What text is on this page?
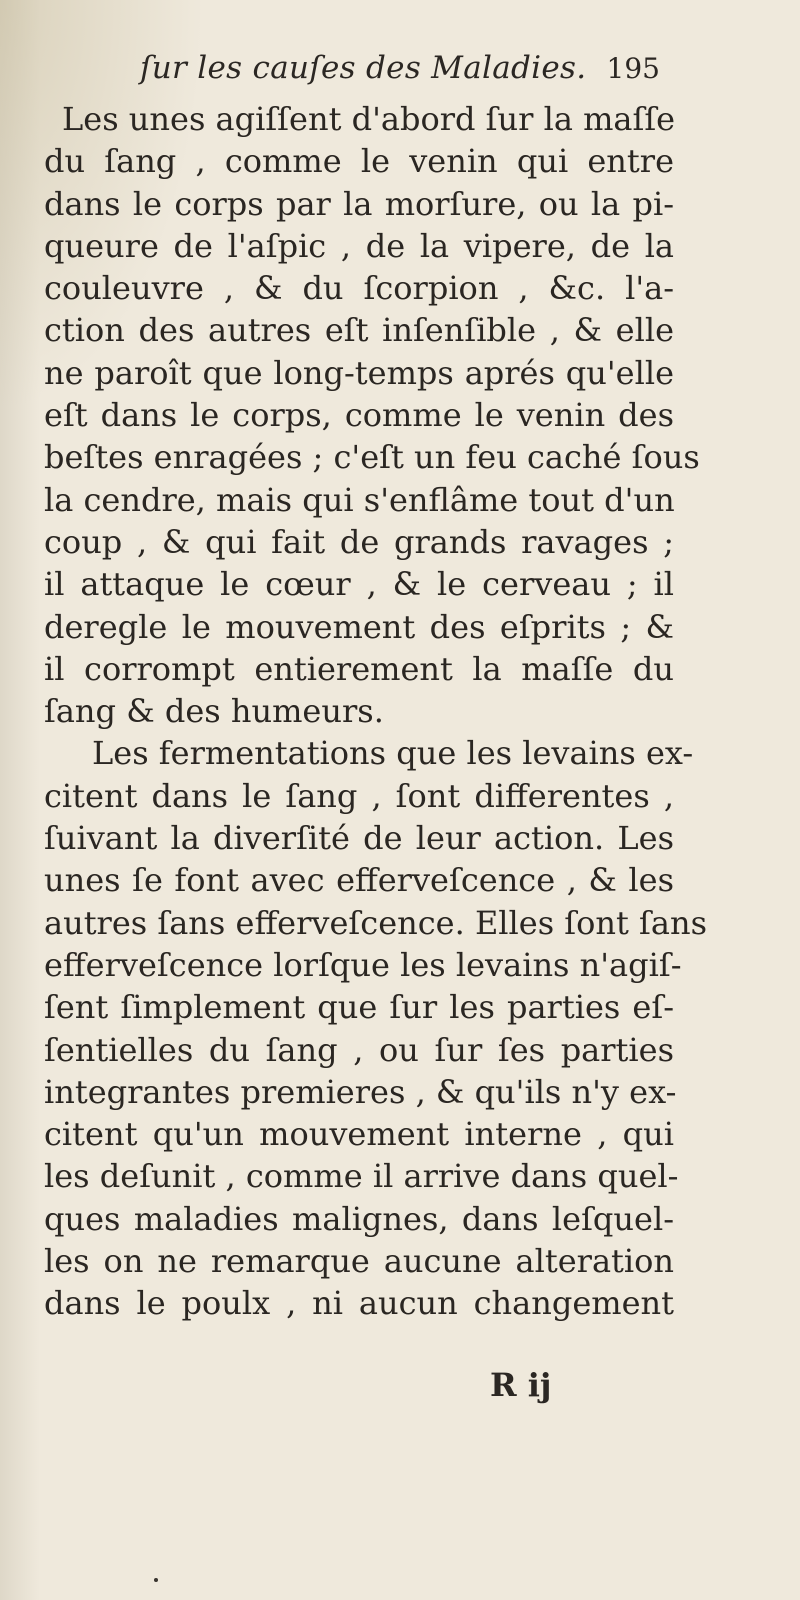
ſur les cauſes des Maladies. 195
Les unes agiſſent d'abord ſur la maſſe
du ſang , comme le venin qui entre
dans le corps par la morſure, ou la pi-
queure de l'aſpic , de la vipere, de la
couleuvre , & du ſcorpion , &c. l'a-
ction des autres eſt inſenſible , & elle
ne paroît que long-temps aprés qu'elle
eſt dans le corps, comme le venin des
beſtes enragées ; c'eſt un feu caché ſous
la cendre, mais qui s'enflâme tout d'un
coup , & qui fait de grands ravages ;
il attaque le cœur , & le cerveau ; il
deregle le mouvement des eſprits ; &
il corrompt entierement la maſſe du
ſang & des humeurs.
Les fermentations que les levains ex-
citent dans le ſang , ſont differentes ,
ſuivant la diverſité de leur action. Les
unes ſe font avec efferveſcence , & les
autres ſans efferveſcence. Elles ſont ſans
efferveſcence lorſque les levains n'agiſ-
ſent ſimplement que ſur les parties eſ-
ſentielles du ſang , ou ſur ſes parties
integrantes premieres , & qu'ils n'y ex-
citent qu'un mouvement interne , qui
les deſunit , comme il arrive dans quel-
ques maladies malignes, dans leſquel-
les on ne remarque aucune alteration
dans le poulx , ni aucun changement
R ij
